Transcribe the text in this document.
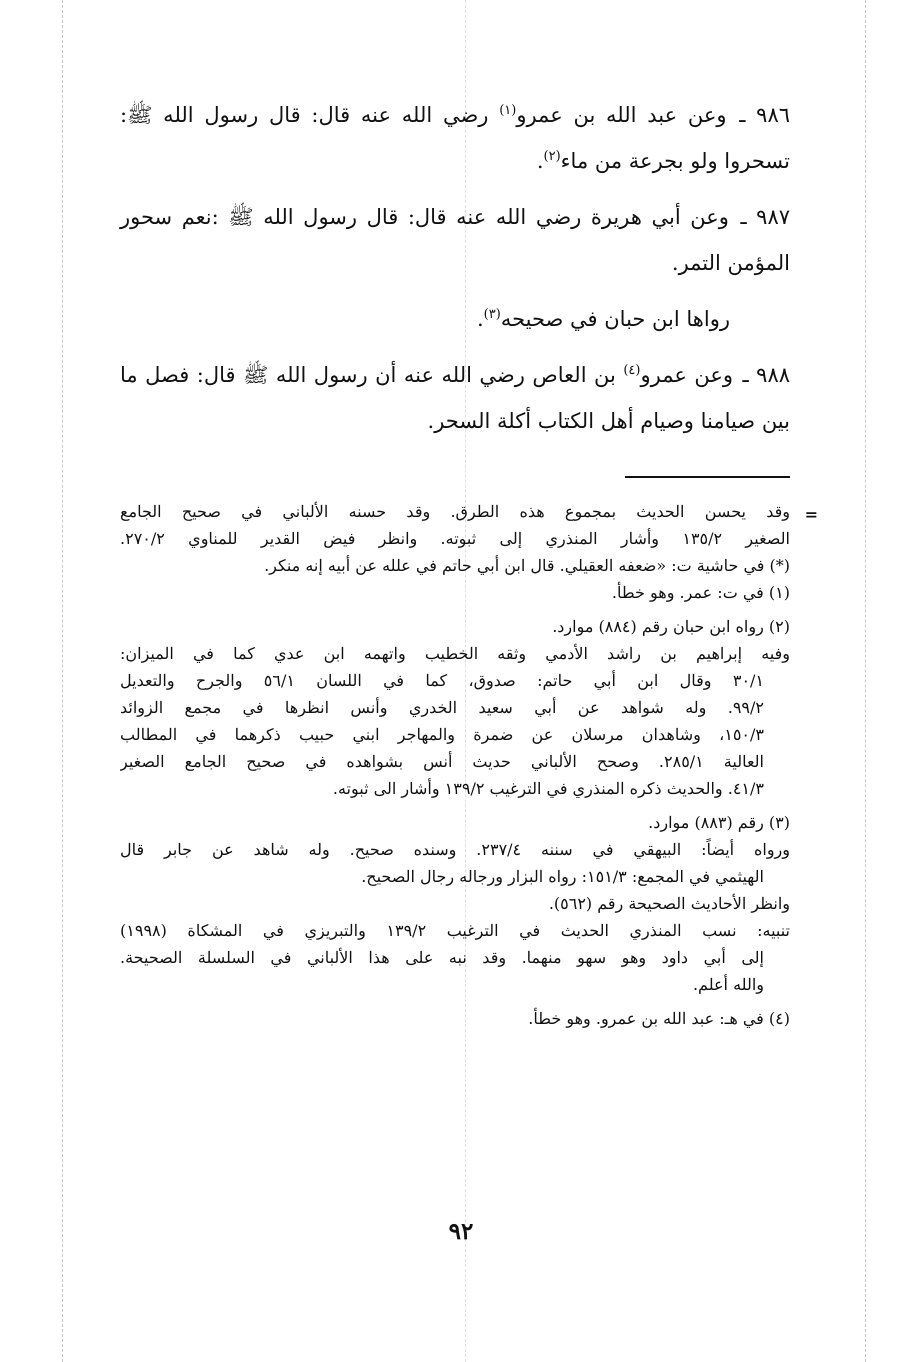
٩٨٦ ـ وعن عبد الله بن عمرو$^{(١)}$ رضي الله عنه قال: قال رسول الله ﷺ: تسحروا ولو بجرعة من ماء$^{(٢)}$.

٩٨٧ ـ وعن أبي هريرة رضي الله عنه قال: قال رسول الله ﷺ :نعم سحور المؤمن التمر.

رواها ابن حبان في صحيحه$^{(٣)}$.

٩٨٨ ـ وعن عمرو$^{(٤)}$ بن العاص رضي الله عنه أن رسول الله ﷺ قال: فصل ما بين صيامنا وصيام أهل الكتاب أكلة السحر.

=
وقد يحسن الحديث بمجموع هذه الطرق. وقد حسنه الألباني في صحيح الجامع
الصغير ١٣٥/٢ وأشار المنذري إلى ثبوته. وانظر فيض القدير للمناوي ٢٧٠/٢.
(*) في حاشية ت: «ضعفه العقيلي. قال ابن أبي حاتم في علله عن أبيه إنه منكر.
(١) في ت: عمر. وهو خطأ.
(٢) رواه ابن حبان رقم (٨٨٤) موارد.
وفيه إبراهيم بن راشد الأدمي وثقه الخطيب واتهمه ابن عدي كما في الميزان:
٣٠/١ وقال ابن أبي حاتم: صدوق، كما في اللسان ٥٦/١ والجرح والتعديل
٩٩/٢. وله شواهد عن أبي سعيد الخدري وأنس انظرها في مجمع الزوائد
١٥٠/٣، وشاهدان مرسلان عن ضمرة والمهاجر ابني حبيب ذكرهما في المطالب
العالية ٢٨٥/١. وصحح الألباني حديث أنس بشواهده في صحيح الجامع الصغير
٤١/٣. والحديث ذكره المنذري في الترغيب ١٣٩/٢ وأشار الى ثبوته.
(٣) رقم (٨٨٣) موارد.
ورواه أيضاً: البيهقي في سننه ٢٣٧/٤. وسنده صحيح. وله شاهد عن جابر قال
الهيثمي في المجمع: ١٥١/٣: رواه البزار ورجاله رجال الصحيح.
وانظر الأحاديث الصحيحة رقم (٥٦٢).
تنبيه: نسب المنذري الحديث في الترغيب ١٣٩/٢ والتبريزي في المشكاة (١٩٩٨)
إلى أبي داود وهو سهو منهما. وقد نبه على هذا الألباني في السلسلة الصحيحة.
والله أعلم.
(٤) في هـ: عبد الله بن عمرو. وهو خطأ.
٩٢
